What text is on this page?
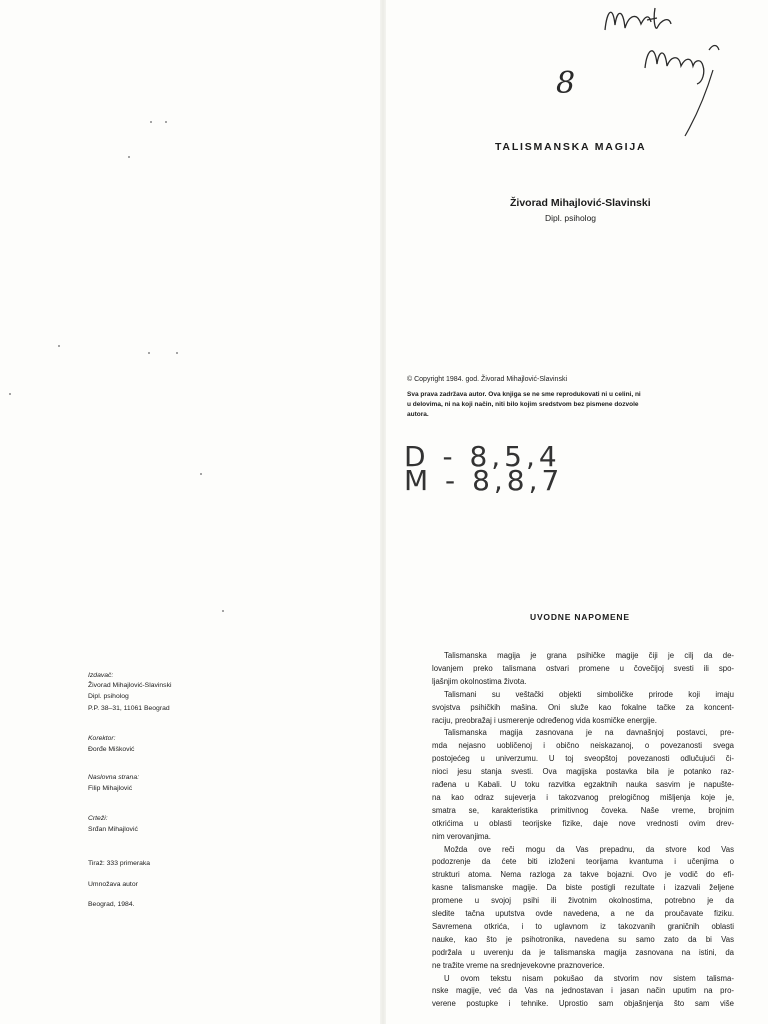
8
TALISMANSKA MAGIJA
Živorad Mihajlović-Slavinski
Dipl. psiholog
© Copyright 1984. god. Živorad Mihajlović-Slavinski
Sva prava zadržava autor. Ova knjiga se ne sme reprodukovati ni u celini, ni
u delovima, ni na koji način, niti bilo kojim sredstvom bez pismene dozvole
autora.
D - 8,5,4
M - 8,8,7
Izdavač:
Živorad Mihajlović-Slavinski
Dipl. psiholog
P.P. 38–31, 11061 Beograd
Korektor:
Đorđe Mišković
Naslovna strana:
Filip Mihajlović
Crteži:
Srđan Mihajlović
Tiraž: 333 primeraka
Umnožava autor
Beograd, 1984.
UVODNE NAPOMENE
Talismanska magija je grana psihičke magije čiji je cilj da de-
lovanjem preko talismana ostvari promene u čovečijoj svesti ili spo-
ljašnjim okolnostima života.
Talismani su veštački objekti simboličke prirode koji imaju
svojstva psihičkih mašina. Oni služe kao fokalne tačke za koncent-
raciju, preobražaj i usmerenje određenog vida kosmičke energije.
Talismanska magija zasnovana je na davnašnjoj postavci, pre-
mda nejasno uobličenoj i obično neiskazanoj, o povezanosti svega
postojećeg u univerzumu. U toj sveopštoj povezanosti odlučujući či-
nioci jesu stanja svesti. Ova magijska postavka bila je potanko raz-
rađena u Kabali. U toku razvitka egzaktnih nauka sasvim je napušte-
na kao odraz sujeverja i takozvanog prelogičnog mišljenja koje je,
smatra se, karakteristika primitivnog čoveka. Naše vreme, brojnim
otkrićima u oblasti teorijske fizike, daje nove vrednosti ovim drev-
nim verovanjima.
Možda ove reči mogu da Vas prepadnu, da stvore kod Vas
podozrenje da ćete biti izloženi teorijama kvantuma i učenjima o
strukturi atoma. Nema razloga za takve bojazni. Ovo je vodič do efi-
kasne talismanske magije. Da biste postigli rezultate i izazvali željene
promene u svojoj psihi ili životnim okolnostima, potrebno je da
sledite tačna uputstva ovde navedena, a ne da proučavate fiziku.
Savremena otkrića, i to uglavnom iz takozvanih graničnih oblasti
nauke, kao što je psihotronika, navedena su samo zato da bi Vas
podržala u uverenju da je talismanska magija zasnovana na istini, da
ne tražite vreme na srednjevekovne praznoverice.
U ovom tekstu nisam pokušao da stvorim nov sistem talisma-
nske magije, već da Vas na jednostavan i jasan način uputim na pro-
verene postupke i tehnike. Uprostio sam objašnjenja što sam više
